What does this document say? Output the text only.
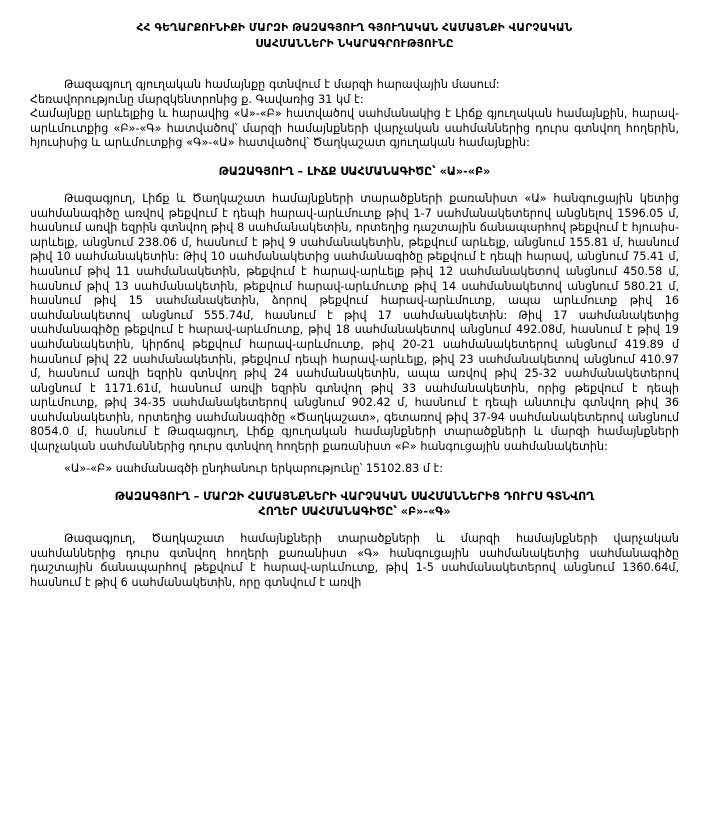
ՀՀ ԳԵՂԱՐՔՈՒՆԻՔԻ ՄԱՐԶԻ ԹԱԶԱԳՅՈՒՂ ԳՅՈՒՂԱԿԱՆ ՀԱՄԱՅՆՔԻ ՎԱՐՉԱԿԱՆ
ՍԱՀՄԱՆՆԵՐԻ ՆԿԱՐԱԳՐՈՒԹՅՈՒՆԸ

Թազագյուղ գյուղական համայնքը գտնվում է մարզի հարավային մասում:

Հեռավորությունը մարզկենտրոնից ք. Գավառից 31 կմ է:

Համայնքը արևելքից և հարավից «Ա»-«Բ» հատվածով սահմանակից է Լիճք գյուղական համայնքին, հարավ-արևմուտքից «Բ»-«Գ» հատվածով՝ մարզի համայնքների վարչական սահմաններից դուրս գտնվող հողերին, հյուսիսից և արևմուտքից «Գ»-«Ա» հատվածով՝ Ծաղկաշատ գյուղական համայնքին:

ԹԱԶԱԳՅՈՒՂ – ԼԻՃՔ ՍԱՀՄԱՆԱԳԻԾԸ՝ «Ա»-«Բ»

Թազագյուղ, Լիճք և Ծաղկաշատ համայնքների տարածքների քառանիստ «Ա» հանգուցային կետից սահմանագիծը առվով թեքվում է դեպի հարավ-արևմուտք թիվ 1-7 սահմանակետերով անցնելով 1596.05 մ, հասնում առվի եզրին գտնվող թիվ 8 սահմանակետին, որտեղից դաշտային ճանապարհով թեքվում է հյուսիս-արևելք, անցնում 238.06 մ, հասնում է թիվ 9 սահմանակետին, թեքվում արևելք, անցնում 155.81 մ, հասնում թիվ 10 սահմանակետին: Թիվ 10 սահմանակետից սահմանագիծը թեքվում է դեպի հարավ, անցնում 75.41 մ, հասնում թիվ 11 սահմանակետին, թեքվում է հարավ-արևելք թիվ 12 սահմանակետով անցնում 450.58 մ, հասնում թիվ 13 սահմանակետին, թեքվում հարավ-արևմուտք թիվ 14 սահմանակետով անցնում 580.21 մ, հասնում թիվ 15 սահմանակետին, ձորով թեքվում հարավ-արևմուտք, ապա արևմուտք թիվ 16 սահմանակետով անցնում 555.74մ, հասնում է թիվ 17 սահմանակետին: Թիվ 17 սահմանակետից սահմանագիծը թեքվում է հարավ-արևմուտք, թիվ 18 սահմանակետով անցնում 492.08մ, հասնում է թիվ 19 սահմանակետին, կիրճով թեքվում հարավ-արևմուտք, թիվ 20-21 սահմանակետերով անցնում 419.89 մ հասնում թիվ 22 սահմանակետին, թեքվում դեպի հարավ-արևելք, թիվ 23 սահմանակետով անցնում 410.97 մ, հասնում առվի եզրին գտնվող թիվ 24 սահմանակետին, ապա առվով թիվ 25-32 սահմանակետերով անցնում է 1171.61մ, հասնում առվի եզրին գտնվող թիվ 33 սահմանակետին, որից թեքվում է դեպի արևմուտք, թիվ 34-35 սահմանակետերով անցնում 902.42 մ, հասնում է դեպի անտուխ գտնվող թիվ 36 սահմանակետին, որտեղից սահմանագիծը «Ծաղկաշատ», գետառով թիվ 37-94 սահմանակետերով անցնում 8054.0 մ, հասնում է Թազագյուղ, Լիճք գյուղական համայնքների տարածքների և մարզի համայնքների վարչական սահմաններից դուրս գտնվող հողերի քառանիստ «Բ» հանգուցային սահմանակետին:

«Ա»-«Բ» սահմանագծի ընդհանուր երկարությունը՝ 15102.83 մ է:

ԹԱԶԱԳՅՈՒՂ – ՄԱՐԶԻ ՀԱՄԱՅՆՔՆԵՐԻ ՎԱՐՉԱԿԱՆ ՍԱՀՄԱՆՆԵՐԻՑ ԴՈՒՐՍ ԳՏՆՎՈՂ
ՀՈՂԵՐ ՍԱՀՄԱՆԱԳԻԾԸ՝ «Բ»-«Գ»

Թազագյուղ, Ծաղկաշատ համայնքների տարածքների և մարզի համայնքների վարչական սահմաններից դուրս գտնվող հողերի քառանիստ «Գ» հանգուցային սահմանակետից սահմանագիծը դաշտային ճանապարհով թեքվում է հարավ-արևմուտք, թիվ 1-5 սահմանակետերով անցնում 1360.64մ, հասնում է թիվ 6 սահմանակետին, որը գտնվում է առվի
